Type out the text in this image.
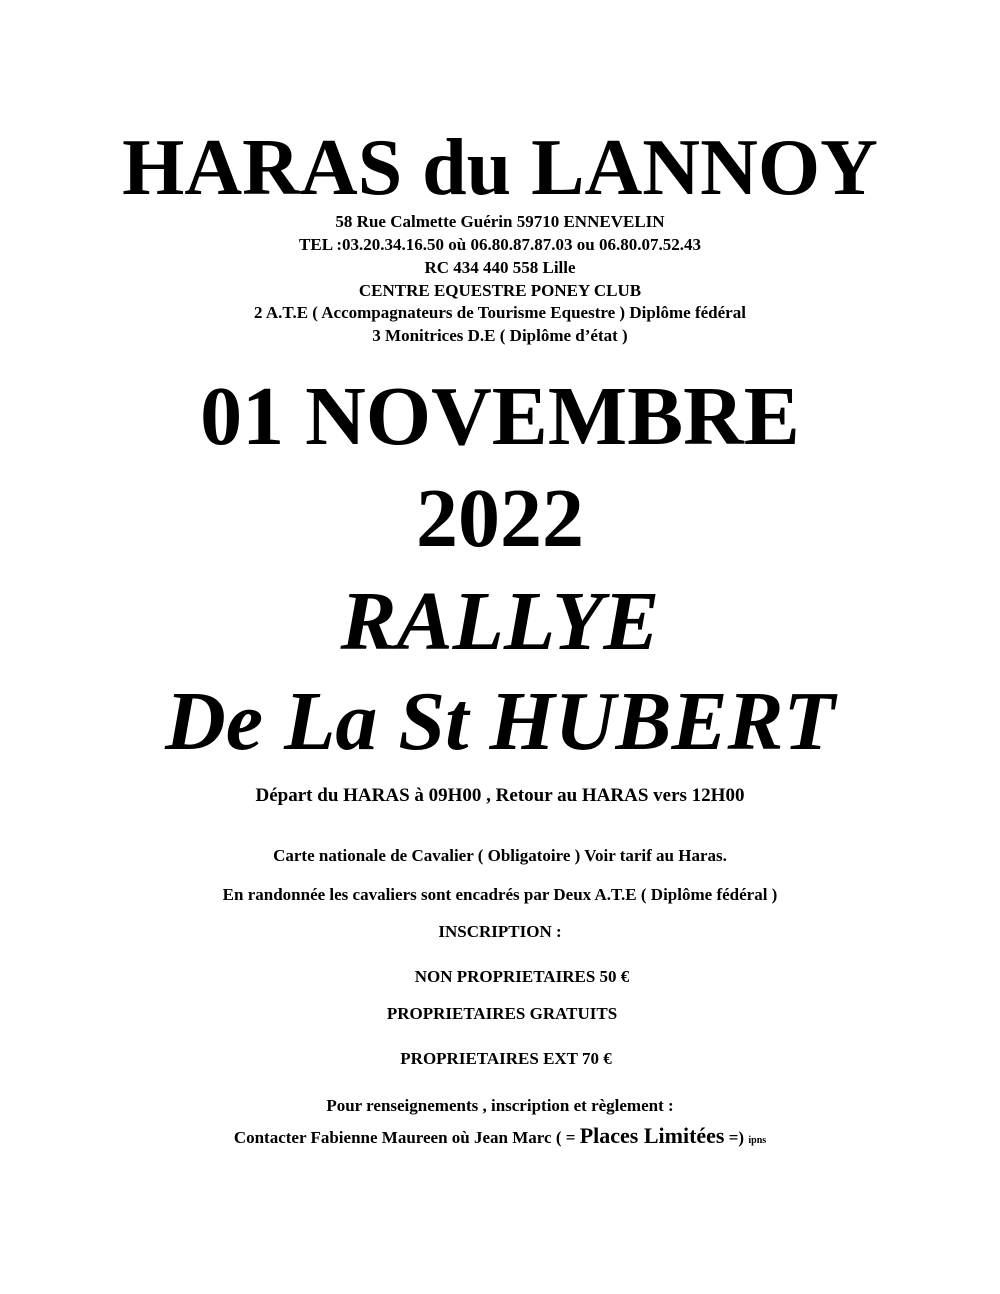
HARAS du LANNOY
58 Rue Calmette Guérin 59710 ENNEVELIN
TEL :03.20.34.16.50 où 06.80.87.87.03 ou 06.80.07.52.43
RC 434 440 558 Lille
CENTRE EQUESTRE PONEY CLUB
2 A.T.E ( Accompagnateurs de Tourisme Equestre ) Diplôme fédéral
3 Monitrices D.E ( Diplôme d’état )
01 NOVEMBRE
2022
RALLYE
De La St HUBERT
Départ du HARAS à 09H00 , Retour au HARAS vers 12H00
Carte nationale de Cavalier ( Obligatoire ) Voir tarif au Haras.
En randonnée les cavaliers sont encadrés par Deux A.T.E ( Diplôme fédéral )
INSCRIPTION :
NON PROPRIETAIRES 50 €
PROPRIETAIRES GRATUITS
PROPRIETAIRES EXT 70 €
Pour renseignements , inscription et règlement :
Contacter Fabienne Maureen où Jean Marc ( = Places Limitées =) ipns
